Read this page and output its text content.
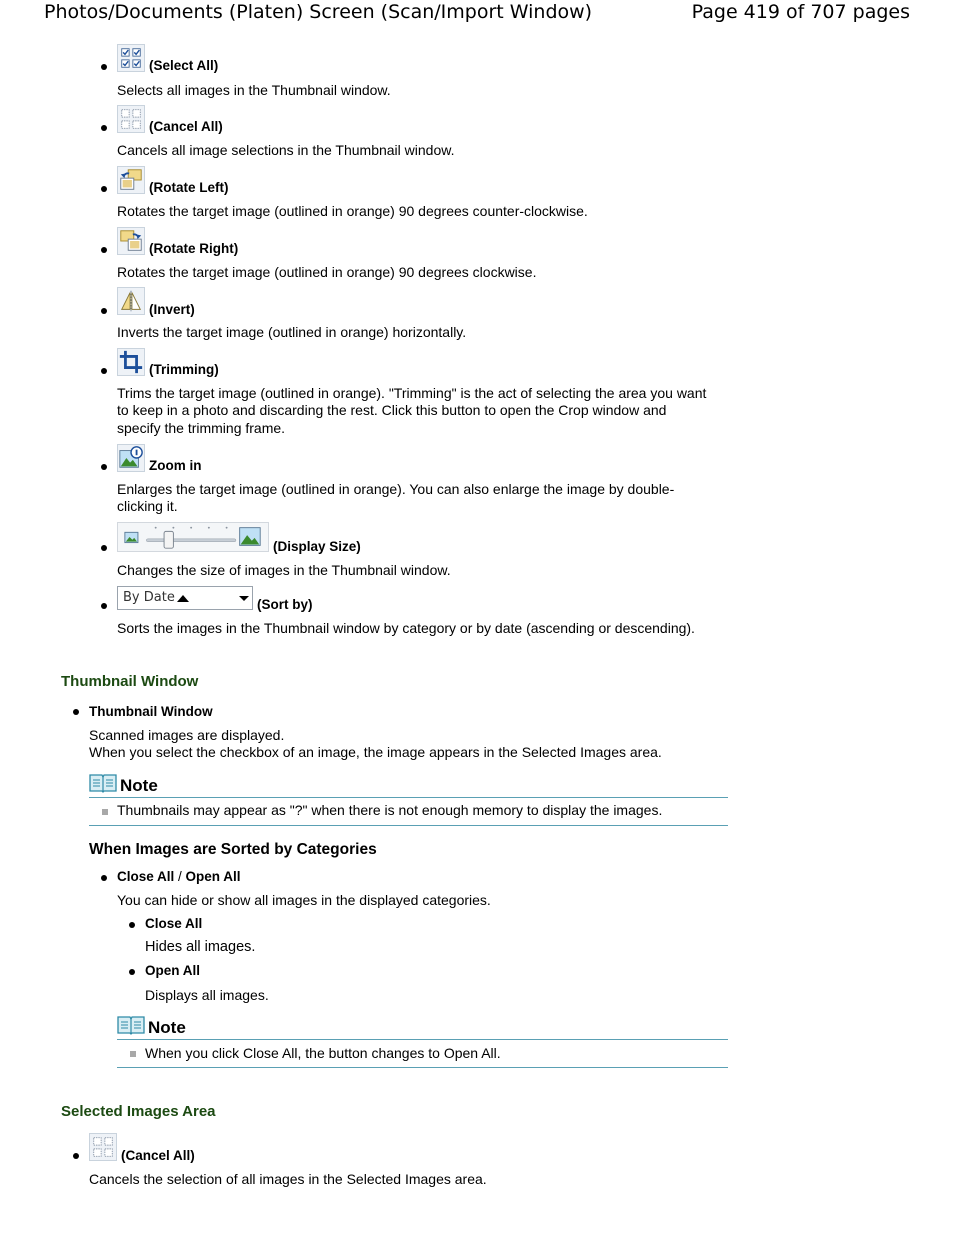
Photos/Documents (Platen) Screen (Scan/Import Window)	Page 419 of 707 pages
(Select All)
Selects all images in the Thumbnail window.
(Cancel All)
Cancels all image selections in the Thumbnail window.
(Rotate Left)
Rotates the target image (outlined in orange) 90 degrees counter-clockwise.
(Rotate Right)
Rotates the target image (outlined in orange) 90 degrees clockwise.
(Invert)
Inverts the target image (outlined in orange) horizontally.
(Trimming)
Trims the target image (outlined in orange). "Trimming" is the act of selecting the area you want
to keep in a photo and discarding the rest. Click this button to open the Crop window and
specify the trimming frame.
Zoom in
Enlarges the target image (outlined in orange). You can also enlarge the image by double-
clicking it.
(Display Size)
Changes the size of images in the Thumbnail window.
By Date	(Sort by)
Sorts the images in the Thumbnail window by category or by date (ascending or descending).
Thumbnail Window
Thumbnail Window
Scanned images are displayed.
When you select the checkbox of an image, the image appears in the Selected Images area.
Note
Thumbnails may appear as "?" when there is not enough memory to display the images.
When Images are Sorted by Categories
Close All / Open All
You can hide or show all images in the displayed categories.
Close All
Hides all images.
Open All
Displays all images.
Note
When you click Close All, the button changes to Open All.
Selected Images Area
(Cancel All)
Cancels the selection of all images in the Selected Images area.
